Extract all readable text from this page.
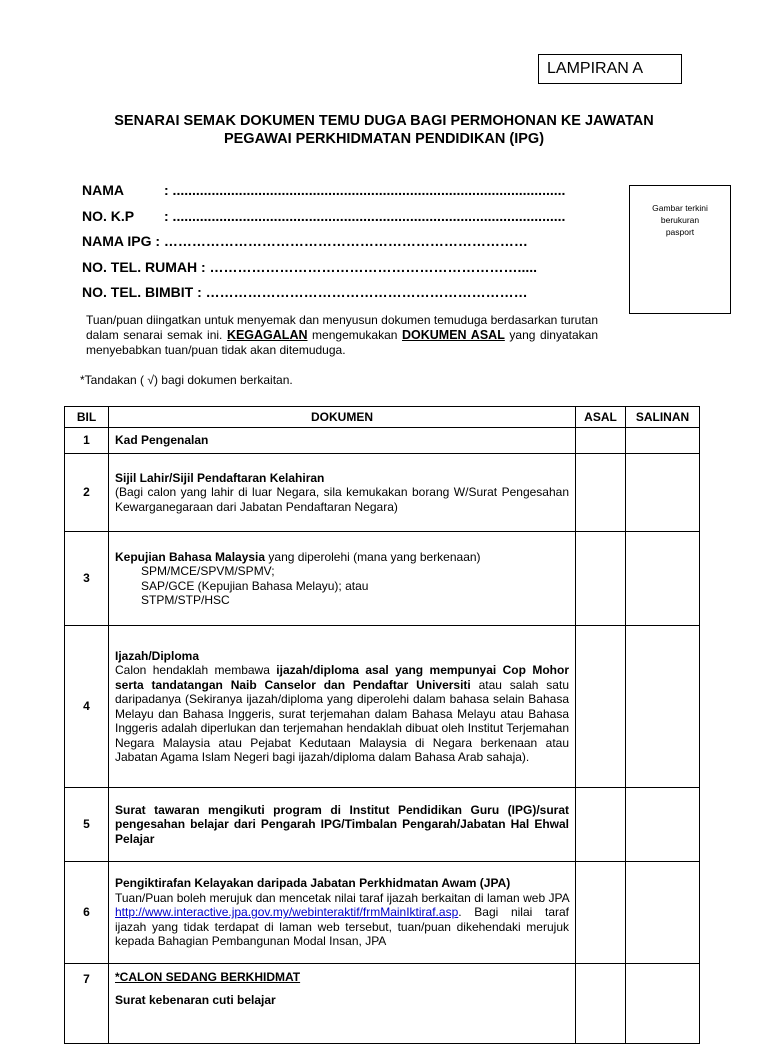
LAMPIRAN A
SENARAI SEMAK DOKUMEN TEMU DUGA BAGI PERMOHONAN KE JAWATAN
PEGAWAI PERKHIDMATAN PENDIDIKAN (IPG)
NAMA	: .....................................................................................................
NO. K.P : .....................................................................................................
NAMA IPG : ……………………………………………………………………
NO. TEL. RUMAH : ………………………………………………………….....
NO. TEL. BIMBIT : ……………………………………………………………
Gambar terkini
berukuran
pasport
Tuan/puan diingatkan untuk menyemak dan menyusun dokumen temuduga berdasarkan turutan dalam senarai semak ini. KEGAGALAN mengemukakan DOKUMEN ASAL yang dinyatakan menyebabkan tuan/puan tidak akan ditemuduga.
*Tandakan ( √) bagi dokumen berkaitan.
BIL	DOKUMEN	ASAL	SALINAN
1	Kad Pengenalan		
2	Sijil Lahir/Sijil Pendaftaran Kelahiran
(Bagi calon yang lahir di luar Negara, sila kemukakan borang W/Surat Pengesahan Kewarganegaraan dari Jabatan Pendaftaran Negara)		

3	Kepujian Bahasa Malaysia yang diperolehi (mana yang berkenaan)
SPM/MCE/SPVM/SPMV;
SAP/GCE (Kepujian Bahasa Melayu); atau
STPM/STP/HSC		

4	Ijazah/Diploma
Calon hendaklah membawa ijazah/diploma asal yang mempunyai Cop Mohor serta tandatangan Naib Canselor dan Pendaftar Universiti atau salah satu daripadanya (Sekiranya ijazah/diploma yang diperolehi dalam bahasa selain Bahasa Melayu dan Bahasa Inggeris, surat terjemahan dalam Bahasa Melayu atau Bahasa Inggeris adalah diperlukan dan terjemahan hendaklah dibuat oleh Institut Terjemahan Negara Malaysia atau Pejabat Kedutaan Malaysia di Negara berkenaan atau Jabatan Agama Islam Negeri bagi ijazah/diploma dalam Bahasa Arab sahaja).		

5	Surat tawaran mengikuti program di Institut Pendidikan Guru (IPG)/surat pengesahan belajar dari Pengarah IPG/Timbalan Pengarah/Jabatan Hal Ehwal Pelajar		
6	Pengiktirafan Kelayakan daripada Jabatan Perkhidmatan Awam (JPA)
Tuan/Puan boleh merujuk dan mencetak nilai taraf ijazah berkaitan di laman web JPA http://www.interactive.jpa.gov.my/webinteraktif/frmMainIktiraf.asp. Bagi nilai taraf ijazah yang tidak terdapat di laman web tersebut, tuan/puan dikehendaki merujuk kepada Bahagian Pembangunan Modal Insan, JPA		

7	*CALON SEDANG BERKHIDMAT
Surat kebenaran cuti belajar		
